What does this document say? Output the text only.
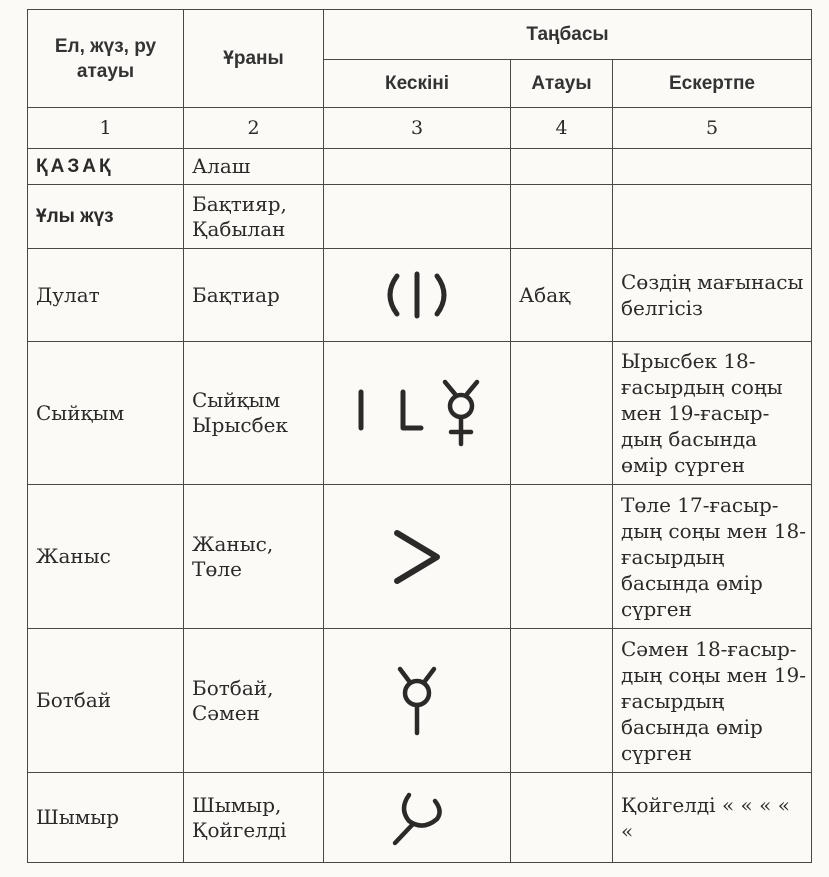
Ел, жүз, ру атауы	Ұраны	Таңбасы		
		Кескіні	Атауы	Ескертпе
1	2	3	4	5
ҚАЗАҚ	Алаш			
Ұлы жүз	Бақтияр, Қабылан			
Дулат	Бақтиар		Абақ	Сөздің мағынасы белгісіз
Сыйқым	Сыйқым Ырысбек			Ырысбек 18-ғасырдың соңы мен 19-ғасыр-дың басында өмір сүрген
Жаныс	Жаныс, Төле			Төле 17-ғасыр-дың соңы мен 18-ғасырдың басында өмір сүрген
Ботбай	Ботбай, Сәмен			Сәмен 18-ғасыр-дың соңы мен 19-ғасырдың басында өмір сүрген
Шымыр	Шымыр, Қойгелді			Қойгелді « « « « «
